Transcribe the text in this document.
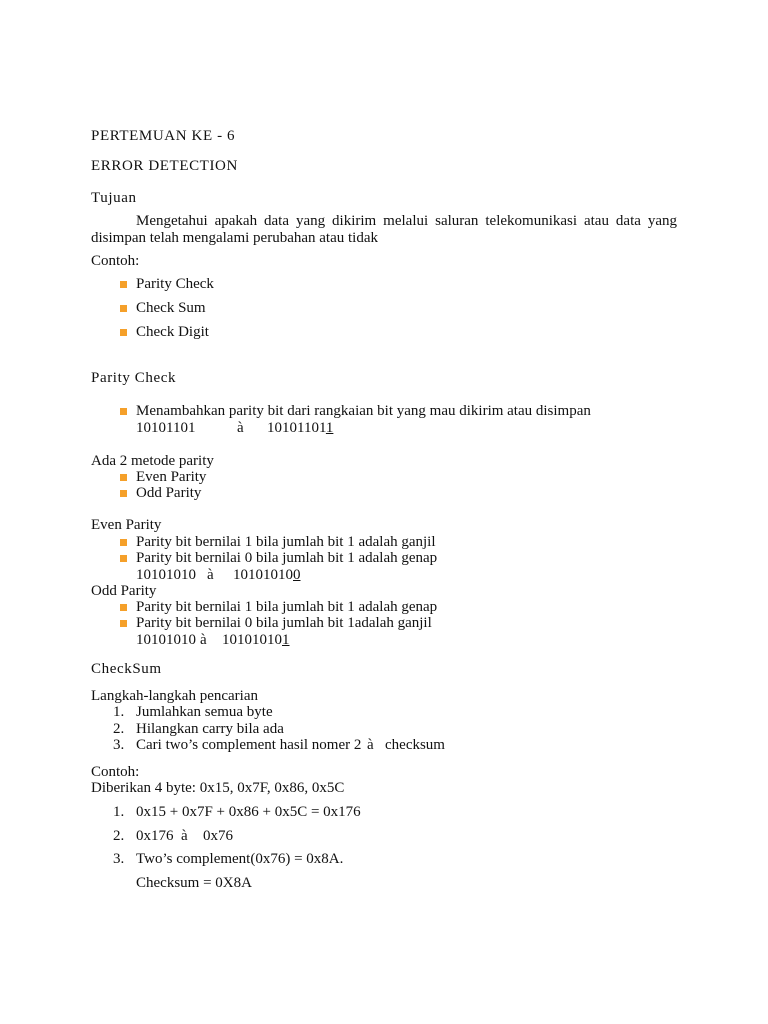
PERTEMUAN KE - 6
ERROR DETECTION
Tujuan
Mengetahui apakah data yang dikirim melalui saluran telekomunikasi atau data yang disimpan telah mengalami perubahan atau tidak
Contoh:
Parity Check
Check Sum
Check Digit
Parity Check
Menambahkan parity bit dari rangkaian bit yang mau dikirim atau disimpan
10101101	à 101011011
Ada 2 metode parity
Even Parity
Odd Parity
Even Parity
Parity bit bernilai 1 bila jumlah bit 1 adalah ganjil
Parity bit bernilai 0 bila jumlah bit 1 adalah genap
10101010 à 101010100
Odd Parity
Parity bit bernilai 1 bila jumlah bit 1 adalah genap
Parity bit bernilai 0 bila jumlah bit 1adalah ganjil
10101010 à 101010101
CheckSum
Langkah-langkah pencarian
1. Jumlahkan semua byte
2. Hilangkan carry bila ada
3. Cari two’s complement hasil nomer 2 à checksum
Contoh:
Diberikan 4 byte: 0x15, 0x7F, 0x86, 0x5C
1. 0x15 + 0x7F + 0x86 + 0x5C = 0x176
2. 0x176 à 0x76
3. Two’s complement(0x76) = 0x8A.
Checksum = 0X8A
